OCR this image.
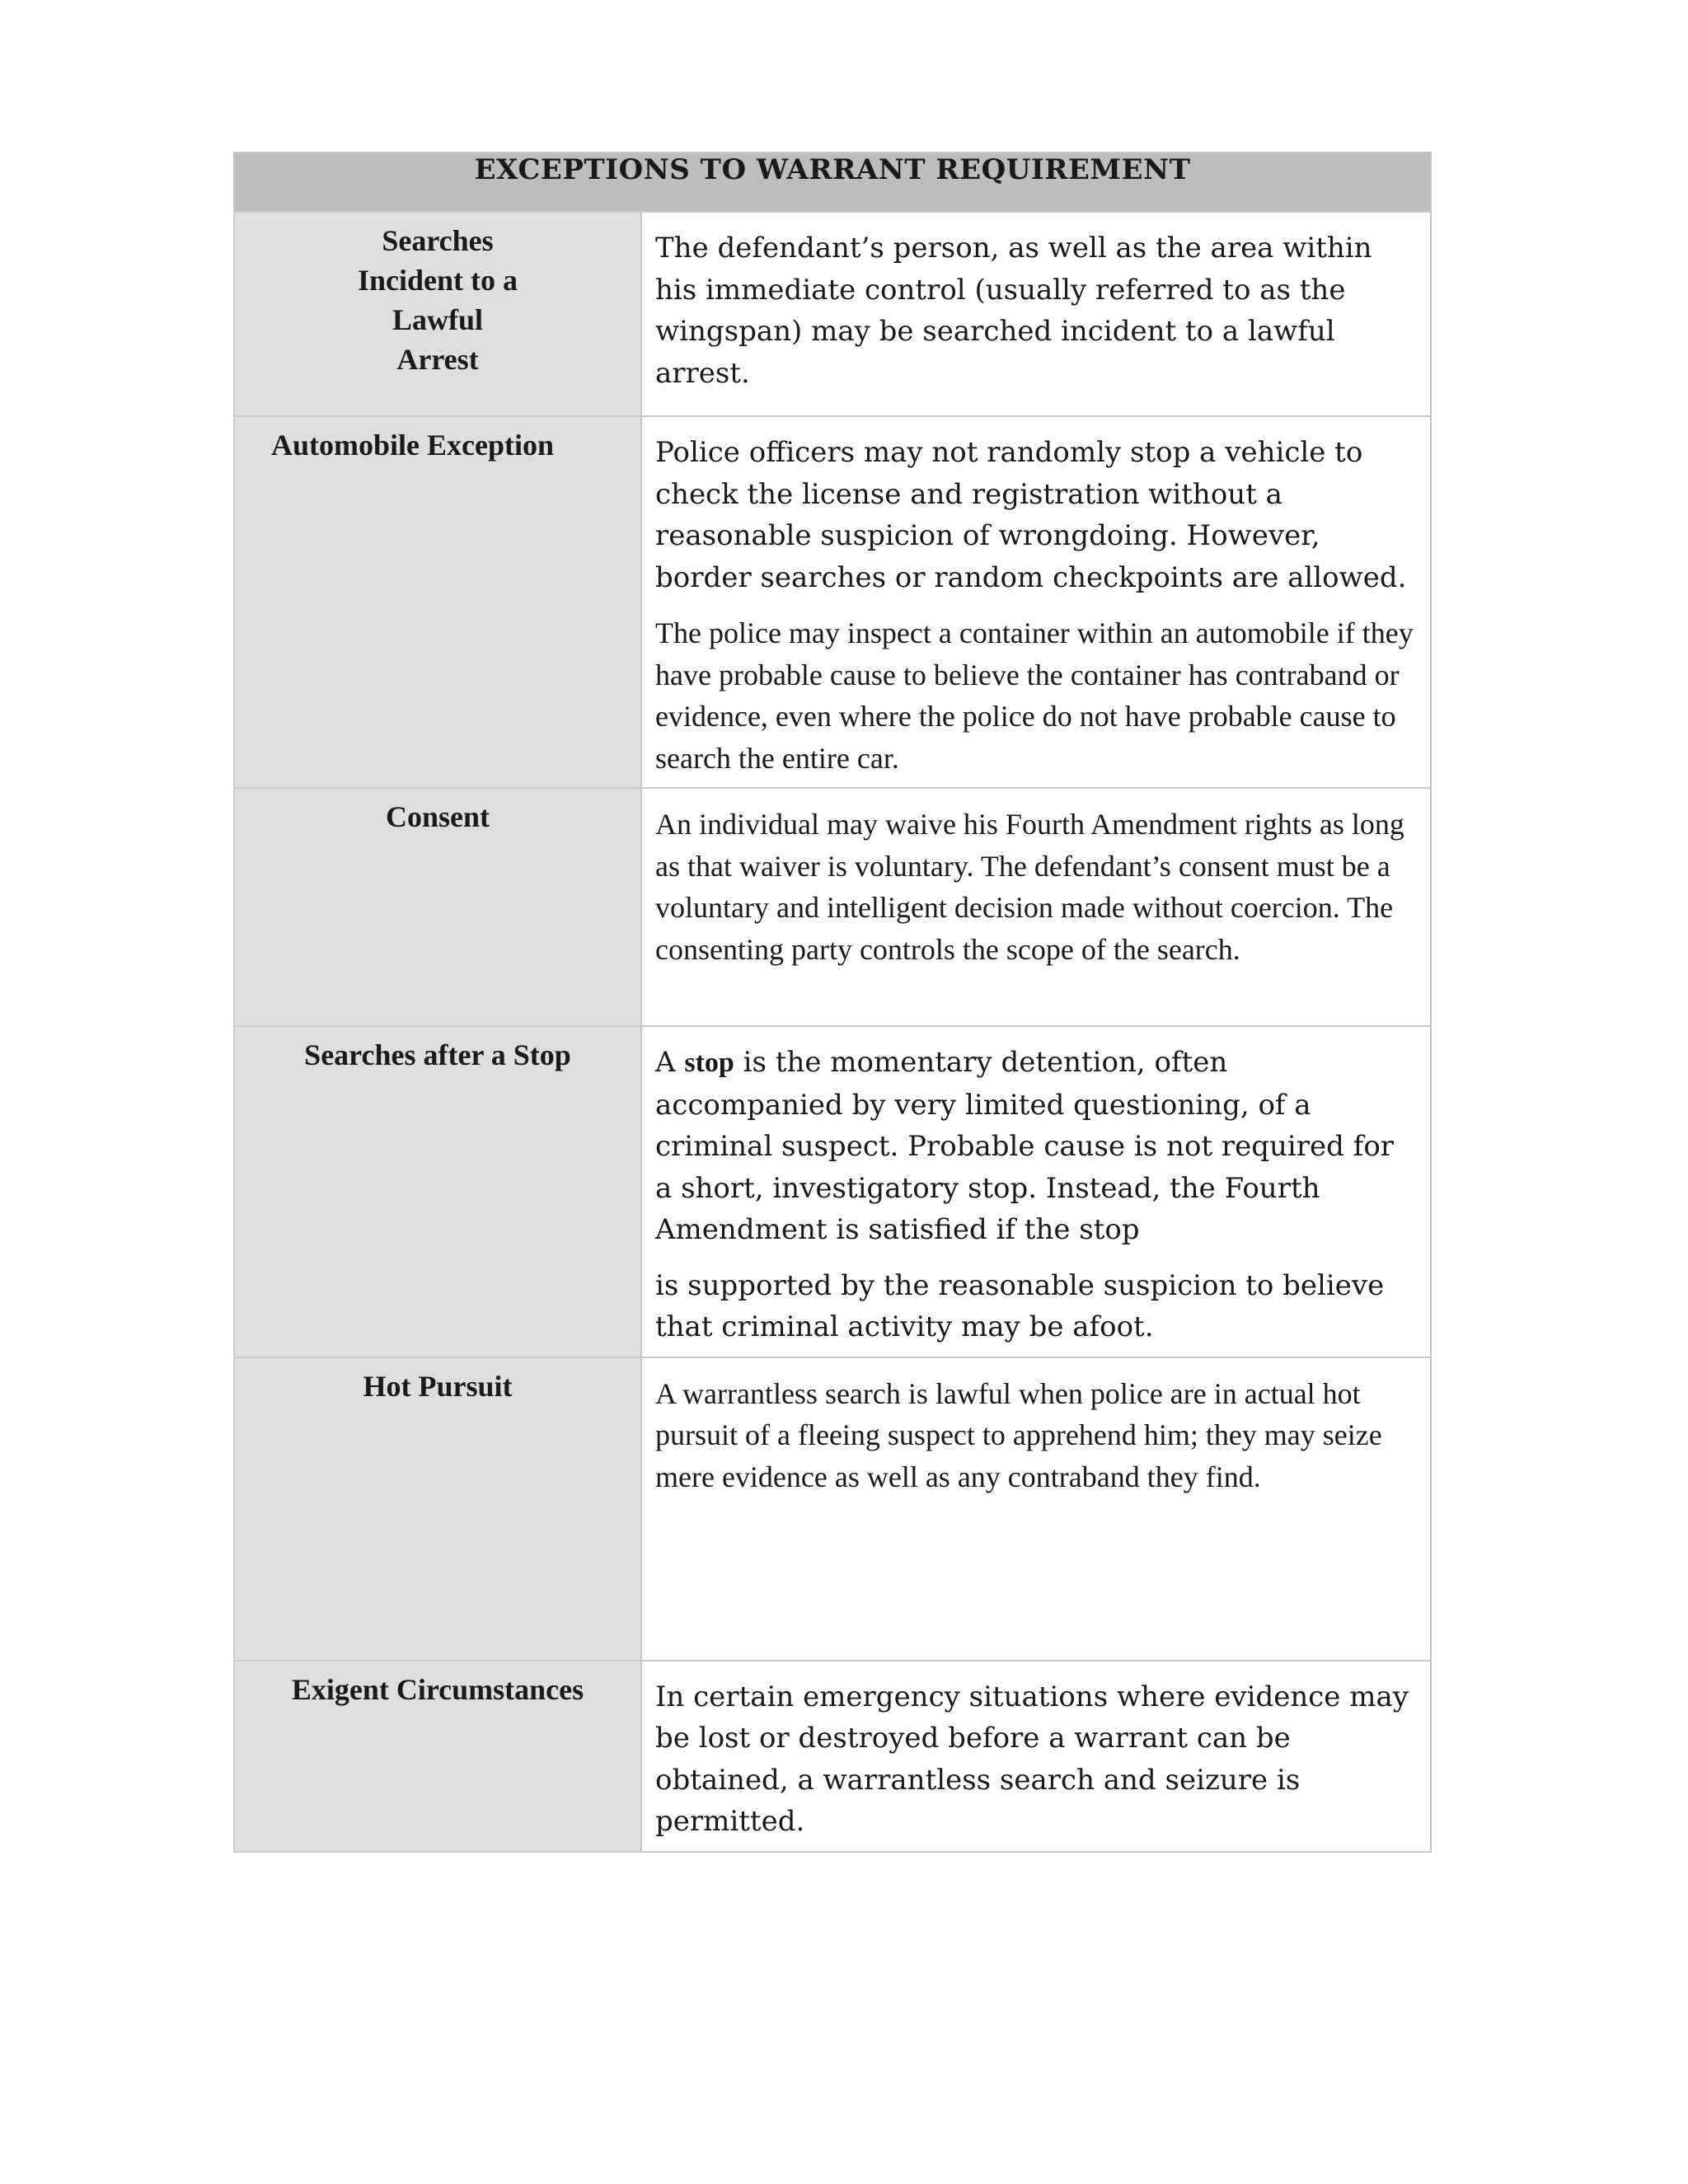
EXCEPTIONS TO WARRANT REQUIREMENT	

Searches
Incident to a
Lawful
Arrest	The defendant’s person, as well as the area within his immediate control (usually referred to as the wingspan) may be searched incident to a lawful arrest.

Automobile Exception	Police officers may not randomly stop a vehicle to check the license and registration without a reasonable suspicion of wrongdoing. However, border searches or random checkpoints are allowed.

The police may inspect a container within an automobile if they have probable cause to believe the container has contraband or evidence, even where the police do not have probable cause to search the entire car.

Consent	An individual may waive his Fourth Amendment rights as long as that waiver is voluntary. The defendant’s consent must be a voluntary and intelligent decision made without coercion. The consenting party controls the scope of the search.

Searches after a Stop	A stop is the momentary detention, often accompanied by very limited questioning, of a criminal suspect. Probable cause is not required for a short, investigatory stop. Instead, the Fourth Amendment is satisfied if the stop

is supported by the reasonable suspicion to believe that criminal activity may be afoot.

Hot Pursuit	A warrantless search is lawful when police are in actual hot pursuit of a fleeing suspect to apprehend him; they may seize mere evidence as well as any contraband they find.

Exigent Circumstances	In certain emergency situations where evidence may be lost or destroyed before a warrant can be obtained, a warrantless search and seizure is permitted.
